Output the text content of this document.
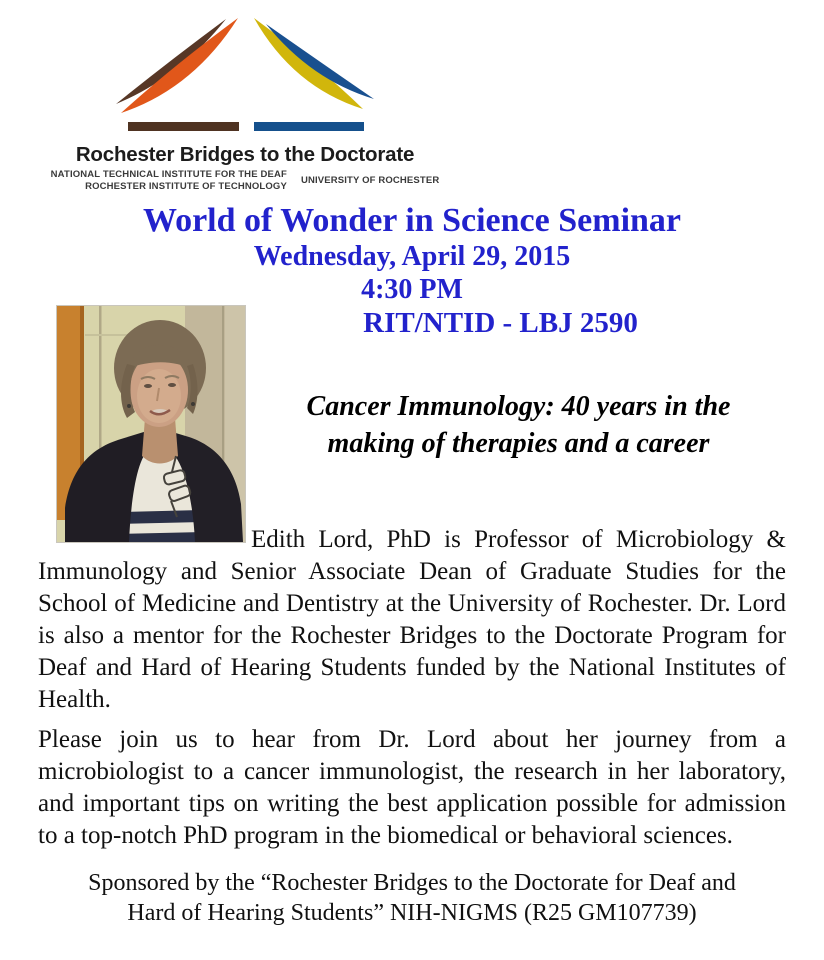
Rochester Bridges to the Doctorate
NATIONAL TECHNICAL INSTITUTE FOR THE DEAF
ROCHESTER INSTITUTE OF TECHNOLOGY UNIVERSITY OF ROCHESTER
World of Wonder in Science Seminar
Wednesday, April 29, 2015
4:30 PM
RIT/NTID - LBJ 2590
Cancer Immunology: 40 years in the
making of therapies and a career

Edith Lord, PhD is Professor of Microbiology & Immunology and Senior Associate Dean of Graduate Studies for the School of Medicine and Dentistry at the University of Rochester. Dr. Lord is also a mentor for the Rochester Bridges to the Doctorate Program for Deaf and Hard of Hearing Students funded by the National Institutes of Health.

Please join us to hear from Dr. Lord about her journey from a microbiologist to a cancer immunologist, the research in her laboratory, and important tips on writing the best application possible for admission to a top-notch PhD program in the biomedical or behavioral sciences.

Sponsored by the “Rochester Bridges to the Doctorate for Deaf and
Hard of Hearing Students” NIH-NIGMS (R25 GM107739)
